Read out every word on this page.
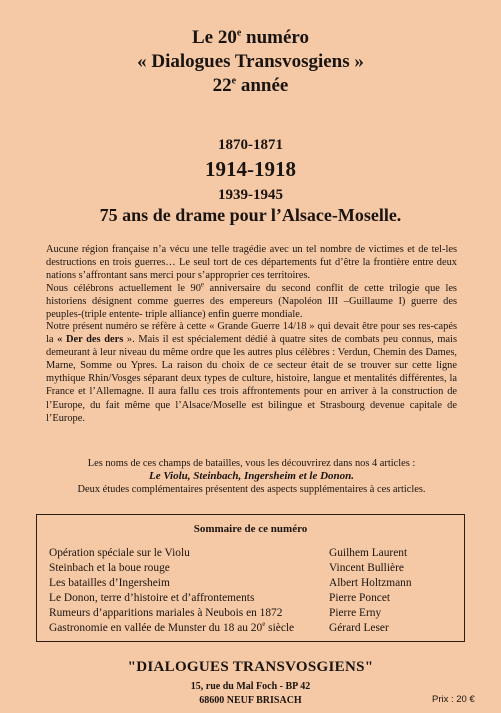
Le 20e numéro
« Dialogues Transvosgiens »
22e année
1870-1871
1914-1918
1939-1945
75 ans de drame pour l’Alsace-Moselle.
Aucune région française n’a vécu une telle tragédie avec un tel nombre de victimes et de tel-les destructions en trois guerres… Le seul tort de ces départements fut d’être la frontière entre deux nations s’affrontant sans merci pour s’approprier ces territoires.
Nous célébrons actuellement le 90e anniversaire du second conflit de cette trilogie que les historiens désignent comme guerres des empereurs (Napoléon III –Guillaume I) guerre des peuples-(triple entente- triple alliance) enfin guerre mondiale.
Notre présent numéro se réfère à cette « Grande Guerre 14/18 » qui devait être pour ses res-capés la « Der des ders ». Mais il est spécialement dédié à quatre sites de combats peu connus, mais demeurant à leur niveau du même ordre que les autres plus célèbres : Verdun, Chemin des Dames, Marne, Somme ou Ypres. La raison du choix de ce secteur était de se trouver sur cette ligne mythique Rhin/Vosges séparant deux types de culture, histoire, langue et mentalités différentes, la France et l’Allemagne. Il aura fallu ces trois affrontements pour en arriver à la construction de l’Europe, du fait même que l’Alsace/Moselle est bilingue et Strasbourg devenue capitale de l’Europe.
Les noms de ces champs de batailles, vous les découvrirez dans nos 4 articles :
Le Violu, Steinbach, Ingersheim et le Donon.
Deux études complémentaires présentent des aspects supplémentaires à ces articles.
Sommaire de ce numéro
Opération spéciale sur le Violu	Guilhem Laurent
Steinbach et la boue rouge	Vincent Bullière
Les batailles d’Ingersheim	Albert Holtzmann
Le Donon, terre d’histoire et d’affrontements	Pierre Poncet
Rumeurs d’apparitions mariales à Neubois en 1872	Pierre Erny
Gastronomie en vallée de Munster du 18 au 20e siècle	Gérard Leser
"DIALOGUES TRANSVOSGIENS"
15, rue du Mal Foch - BP 42
68600 NEUF BRISACH	Prix : 20 €
